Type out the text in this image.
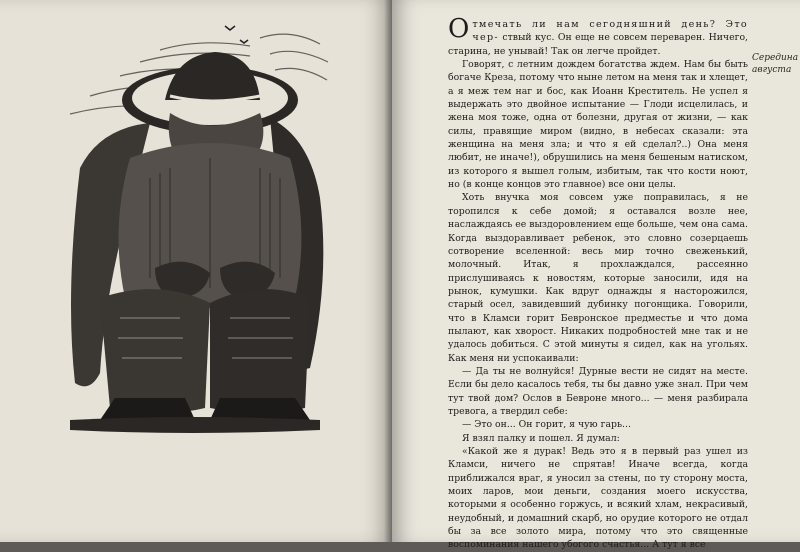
Отмечать ли нам сегодняшний день? Это чер- ствый кус. Он еще не совсем переварен. Ничего, старина, не унывай! Так он легче пройдет.

Говорят, с летним дождем богатства ждем. Нам бы быть богаче Креза, потому что ныне летом на меня так и хлещет, а я меж тем наг и бос, как Иоанн Креститель. Не успел я выдержать это двойное испытание — Глоди исцелилась, и жена моя тоже, одна от болезни, другая от жизни, — как силы, правящие миром (видно, в небесах сказали: эта женщина на меня зла; и что я ей сделал?..) Она меня любит, не иначе!), обрушились на меня бешеным натиском, из которого я вышел голым, избитым, так что кости ноют, но (в конце концов это главное) все они целы.

Хоть внучка моя совсем уже поправилась, я не торопился к себе домой; я оставался возле нее, наслаждаясь ее выздоровлением еще больше, чем она сама. Когда выздоравливает ребенок, это словно созерцаешь сотворение вселенной: весь мир точно свеженький, молочный. Итак, я прохлаждался, рассеянно прислушиваясь к новостям, которые заносили, идя на рынок, кумушки. Как вдруг однажды я насторожился, старый осел, завидевший дубинку погонщика. Говорили, что в Кламси горит Бевронское предместье и что дома пылают, как хворост. Никаких подробностей мне так и не удалось добиться. С этой минуты я сидел, как на угольях. Как меня ни успокаивали:

— Да ты не волнуйся! Дурные вести не сидят на месте. Если бы дело касалось тебя, ты бы давно уже знал. При чем тут твой дом? Ослов в Бевроне много... — меня разбирала тревога, а твердил себе:

— Это он... Он горит, я чую гарь...

Я взял палку и пошел. Я думал:

«Какой же я дурак! Ведь это я в первый раз ушел из Кламси, ничего не спрятав! Иначе всегда, когда приближался враг, я уносил за стены, по ту сторону моста, моих ларов, мои деньги, создания моего искусства, которыми я особенно горжусь, и всякий хлам, некрасивый, неудобный, и домашний скарб, но орудие которого не отдал бы за все золото мира, потому что это священные воспоминания нашего убогого счастья... А тут я все

Середина августа
